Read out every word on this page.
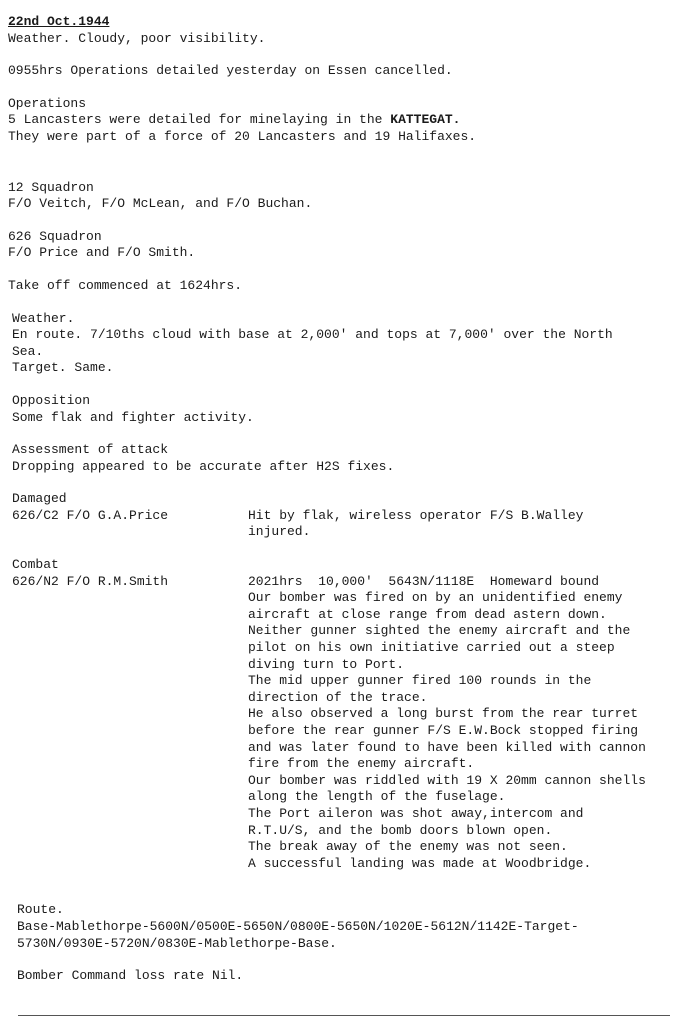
22nd Oct.1944
Weather. Cloudy, poor visibility.
0955hrs Operations detailed yesterday on Essen cancelled.
Operations
5 Lancasters were detailed for minelaying in the KATTEGAT.
They were part of a force of 20 Lancasters and 19 Halifaxes.
12 Squadron
F/O Veitch, F/O McLean, and F/O Buchan.
626 Squadron
F/O Price and F/O Smith.
Take off commenced at 1624hrs.
Weather.
En route. 7/10ths cloud with base at 2,000' and tops at 7,000' over the North
Sea.
Target. Same.
Opposition
Some flak and fighter activity.
Assessment of attack
Dropping appeared to be accurate after H2S fixes.
Damaged
626/C2 F/O G.A.Price	Hit by flak, wireless operator F/S B.Walley
injured.
Combat
626/N2 F/O R.M.Smith	2021hrs  10,000'  5643N/1118E  Homeward bound
Our bomber was fired on by an unidentified enemy
aircraft at close range from dead astern down.
Neither gunner sighted the enemy aircraft and the
pilot on his own initiative carried out a steep
diving turn to Port.
The mid upper gunner fired 100 rounds in the
direction of the trace.
He also observed a long burst from the rear turret
before the rear gunner F/S E.W.Bock stopped firing
and was later found to have been killed with cannon
fire from the enemy aircraft.
Our bomber was riddled with 19 X 20mm cannon shells
along the length of the fuselage.
The Port aileron was shot away,intercom and
R.T.U/S, and the bomb doors blown open.
The break away of the enemy was not seen.
A successful landing was made at Woodbridge.
Route.
Base-Mablethorpe-5600N/0500E-5650N/0800E-5650N/1020E-5612N/1142E-Target-
5730N/0930E-5720N/0830E-Mablethorpe-Base.
Bomber Command loss rate Nil.
